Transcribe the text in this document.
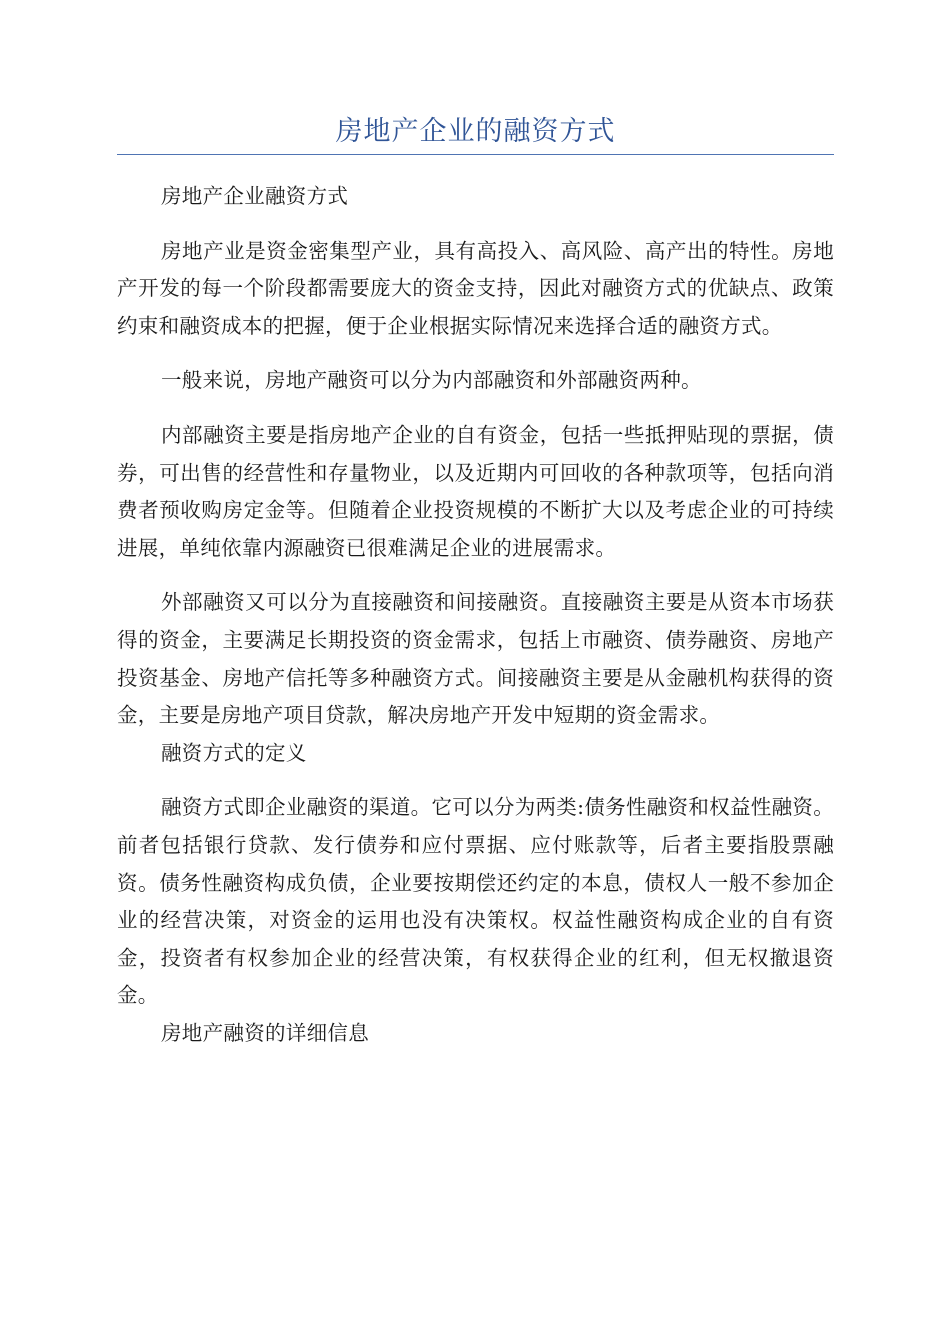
房地产企业的融资方式

房地产企业融资方式

房地产业是资金密集型产业，具有高投入、高风险、高产出的特性。房地产开发的每一个阶段都需要庞大的资金支持，因此对融资方式的优缺点、政策约束和融资成本的把握，便于企业根据实际情况来选择合适的融资方式。

一般来说，房地产融资可以分为内部融资和外部融资两种。

内部融资主要是指房地产企业的自有资金，包括一些抵押贴现的票据，债券，可出售的经营性和存量物业，以及近期内可回收的各种款项等，包括向消费者预收购房定金等。但随着企业投资规模的不断扩大以及考虑企业的可持续进展，单纯依靠内源融资已很难满足企业的进展需求。

外部融资又可以分为直接融资和间接融资。直接融资主要是从资本市场获得的资金，主要满足长期投资的资金需求，包括上市融资、债券融资、房地产投资基金、房地产信托等多种融资方式。间接融资主要是从金融机构获得的资金，主要是房地产项目贷款，解决房地产开发中短期的资金需求。

融资方式的定义

融资方式即企业融资的渠道。它可以分为两类:债务性融资和权益性融资。前者包括银行贷款、发行债券和应付票据、应付账款等，后者主要指股票融资。债务性融资构成负债，企业要按期偿还约定的本息，债权人一般不参加企业的经营决策，对资金的运用也没有决策权。权益性融资构成企业的自有资金，投资者有权参加企业的经营决策，有权获得企业的红利，但无权撤退资金。

房地产融资的详细信息
